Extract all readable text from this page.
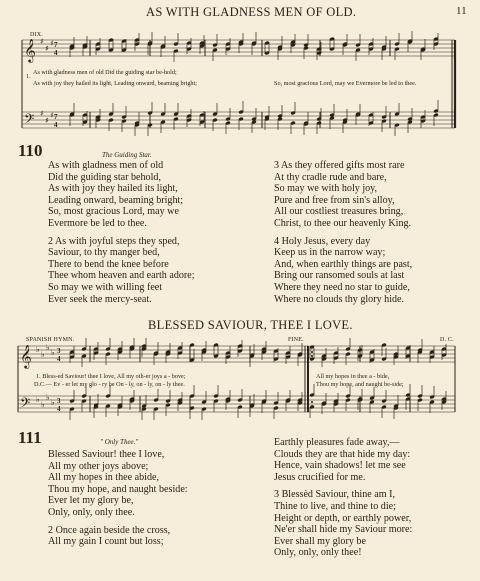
11
AS WITH GLADNESS MEN OF OLD.
DIX.
𝄞
𝄢
7
4
7
4
♯
♯
♯
♯
♯
♯
𝄞
𝄢
3
4
3
4
♭
♭
♭
♭
♭
♭
♭
♭
1.
As with gladness men of old Did the guiding star be-hold;
As with joy they hailed its light, Leading onward, beaming bright;	So, most gracious Lord, may we Evermore be led to thee.
110	The Guiding Star.
As with gladness men of old
Did the guiding star behold,
As with joy they hailed its light,
Leading onward, beaming bright;
So, most gracious Lord, may we
Evermore be led to thee.
2 As with joyful steps they sped,
Saviour, to thy manger bed,
There to bend the knee before
Thee whom heaven and earth adore;
So may we with willing feet
Ever seek the mercy-seat.
3 As they offered gifts most rare
At thy cradle rude and bare,
So may we with holy joy,
Pure and free from sin's alloy,
All our costliest treasures bring,
Christ, to thee our heavenly King.
4 Holy Jesus, every day
Keep us in the narrow way;
And, when earthly things are past,
Bring our ransomed souls at last
Where they need no star to guide,
Where no clouds thy glory hide.
BLESSED SAVIOUR, THEE I LOVE.
SPANISH HYMN.	FINE.	D. C.
1. Bless-ed Saviour! thee I love, All my oth-er joys a - bove;
D.C.— Ev - er let my glo - ry be On - ly, on - ly, on - ly thee.
All my hopes in thee a - bide,
Thou my hope, and naught be-side;
111	" Only Thee."
Blessed Saviour! thee I love,
All my other joys above;
All my hopes in thee abide,
Thou my hope, and naught beside:
Ever let my glory be,
Only, only, only thee.
2 Once again beside the cross,
All my gain I count but loss;
Earthly pleasures fade away,—
Clouds they are that hide my day:
Hence, vain shadows! let me see
Jesus crucified for me.
3 Blessèd Saviour, thine am I,
Thine to live, and thine to die;
Height or depth, or earthly power,
Ne'er shall hide my Saviour more:
Ever shall my glory be
Only, only, only thee!
